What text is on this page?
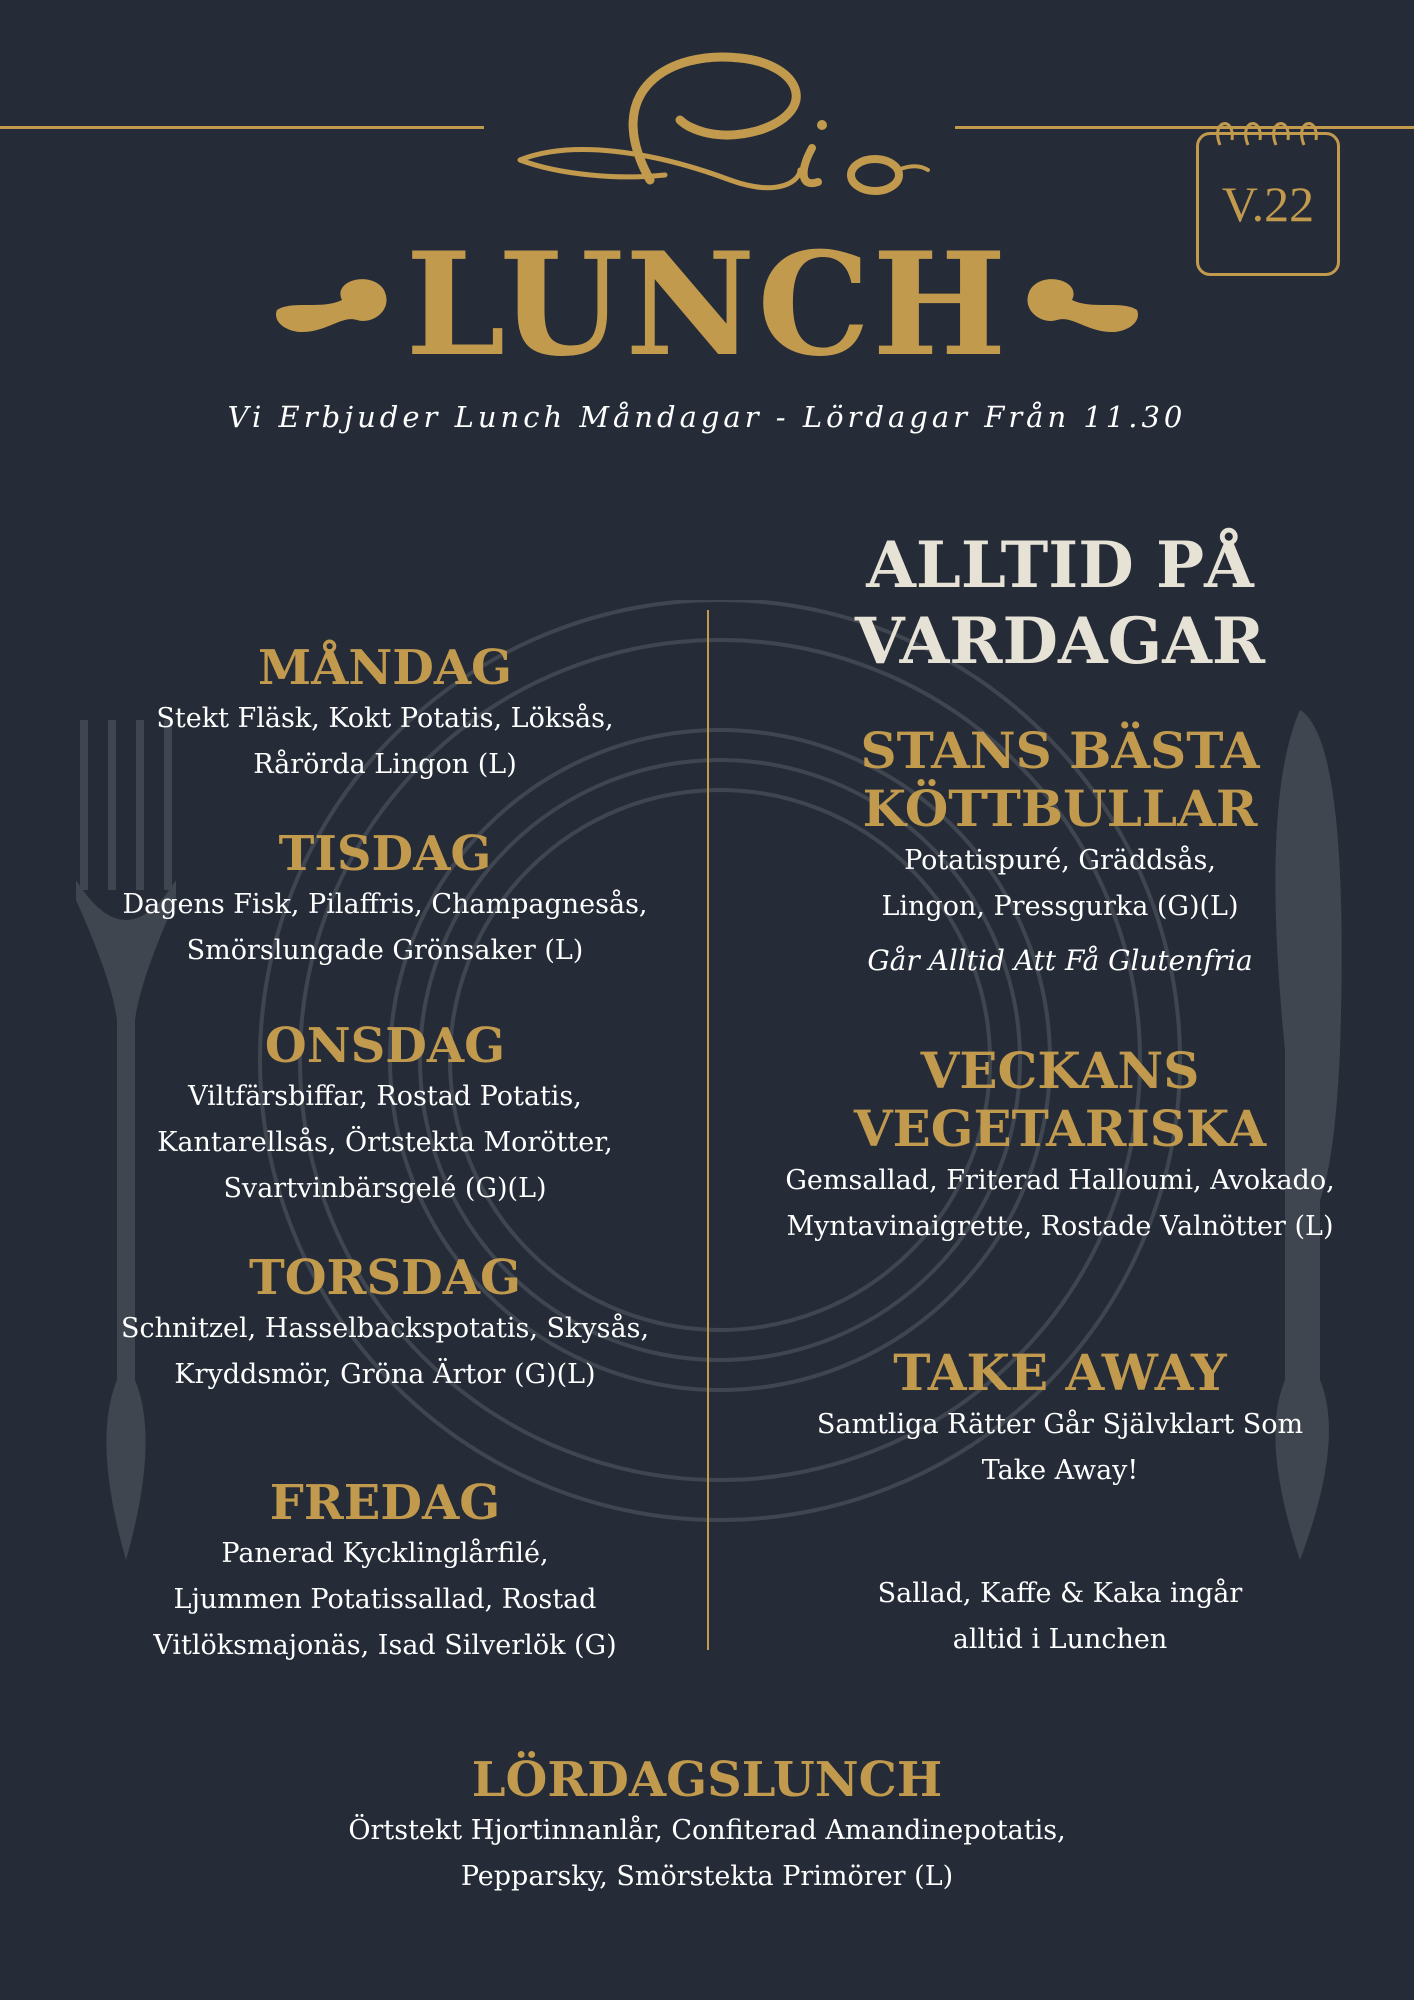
V.22
LUNCH
Vi Erbjuder Lunch Måndagar - Lördagar Från 11.30
MÅNDAG

Stekt Fläsk, Kokt Potatis, Löksås,

Rårörda Lingon (L)

TISDAG

Dagens Fisk, Pilaffris, Champagnesås,

Smörslungade Grönsaker (L)

ONSDAG

Viltfärsbiffar, Rostad Potatis,

Kantarellsås, Örtstekta Morötter,

Svartvinbärsgelé (G)(L)

TORSDAG

Schnitzel, Hasselbackspotatis, Skysås,

Kryddsmör, Gröna Ärtor (G)(L)

FREDAG

Panerad Kycklinglårfilé,

Ljummen Potatissallad, Rostad

Vitlöksmajonäs, Isad Silverlök (G)

ALLTID PÅ
VARDAGAR
STANS BÄSTA
KÖTTBULLAR

Potatispuré, Gräddsås,

Lingon, Pressgurka (G)(L)

Går Alltid Att Få Glutenfria

VECKANS
VEGETARISKA

Gemsallad, Friterad Halloumi, Avokado,

Myntavinaigrette, Rostade Valnötter (L)

TAKE AWAY

Samtliga Rätter Går Självklart Som

Take Away!

Sallad, Kaffe & Kaka ingår

alltid i Lunchen

LÖRDAGSLUNCH

Örtstekt Hjortinnanlår, Confiterad Amandinepotatis,

Pepparsky, Smörstekta Primörer (L)
